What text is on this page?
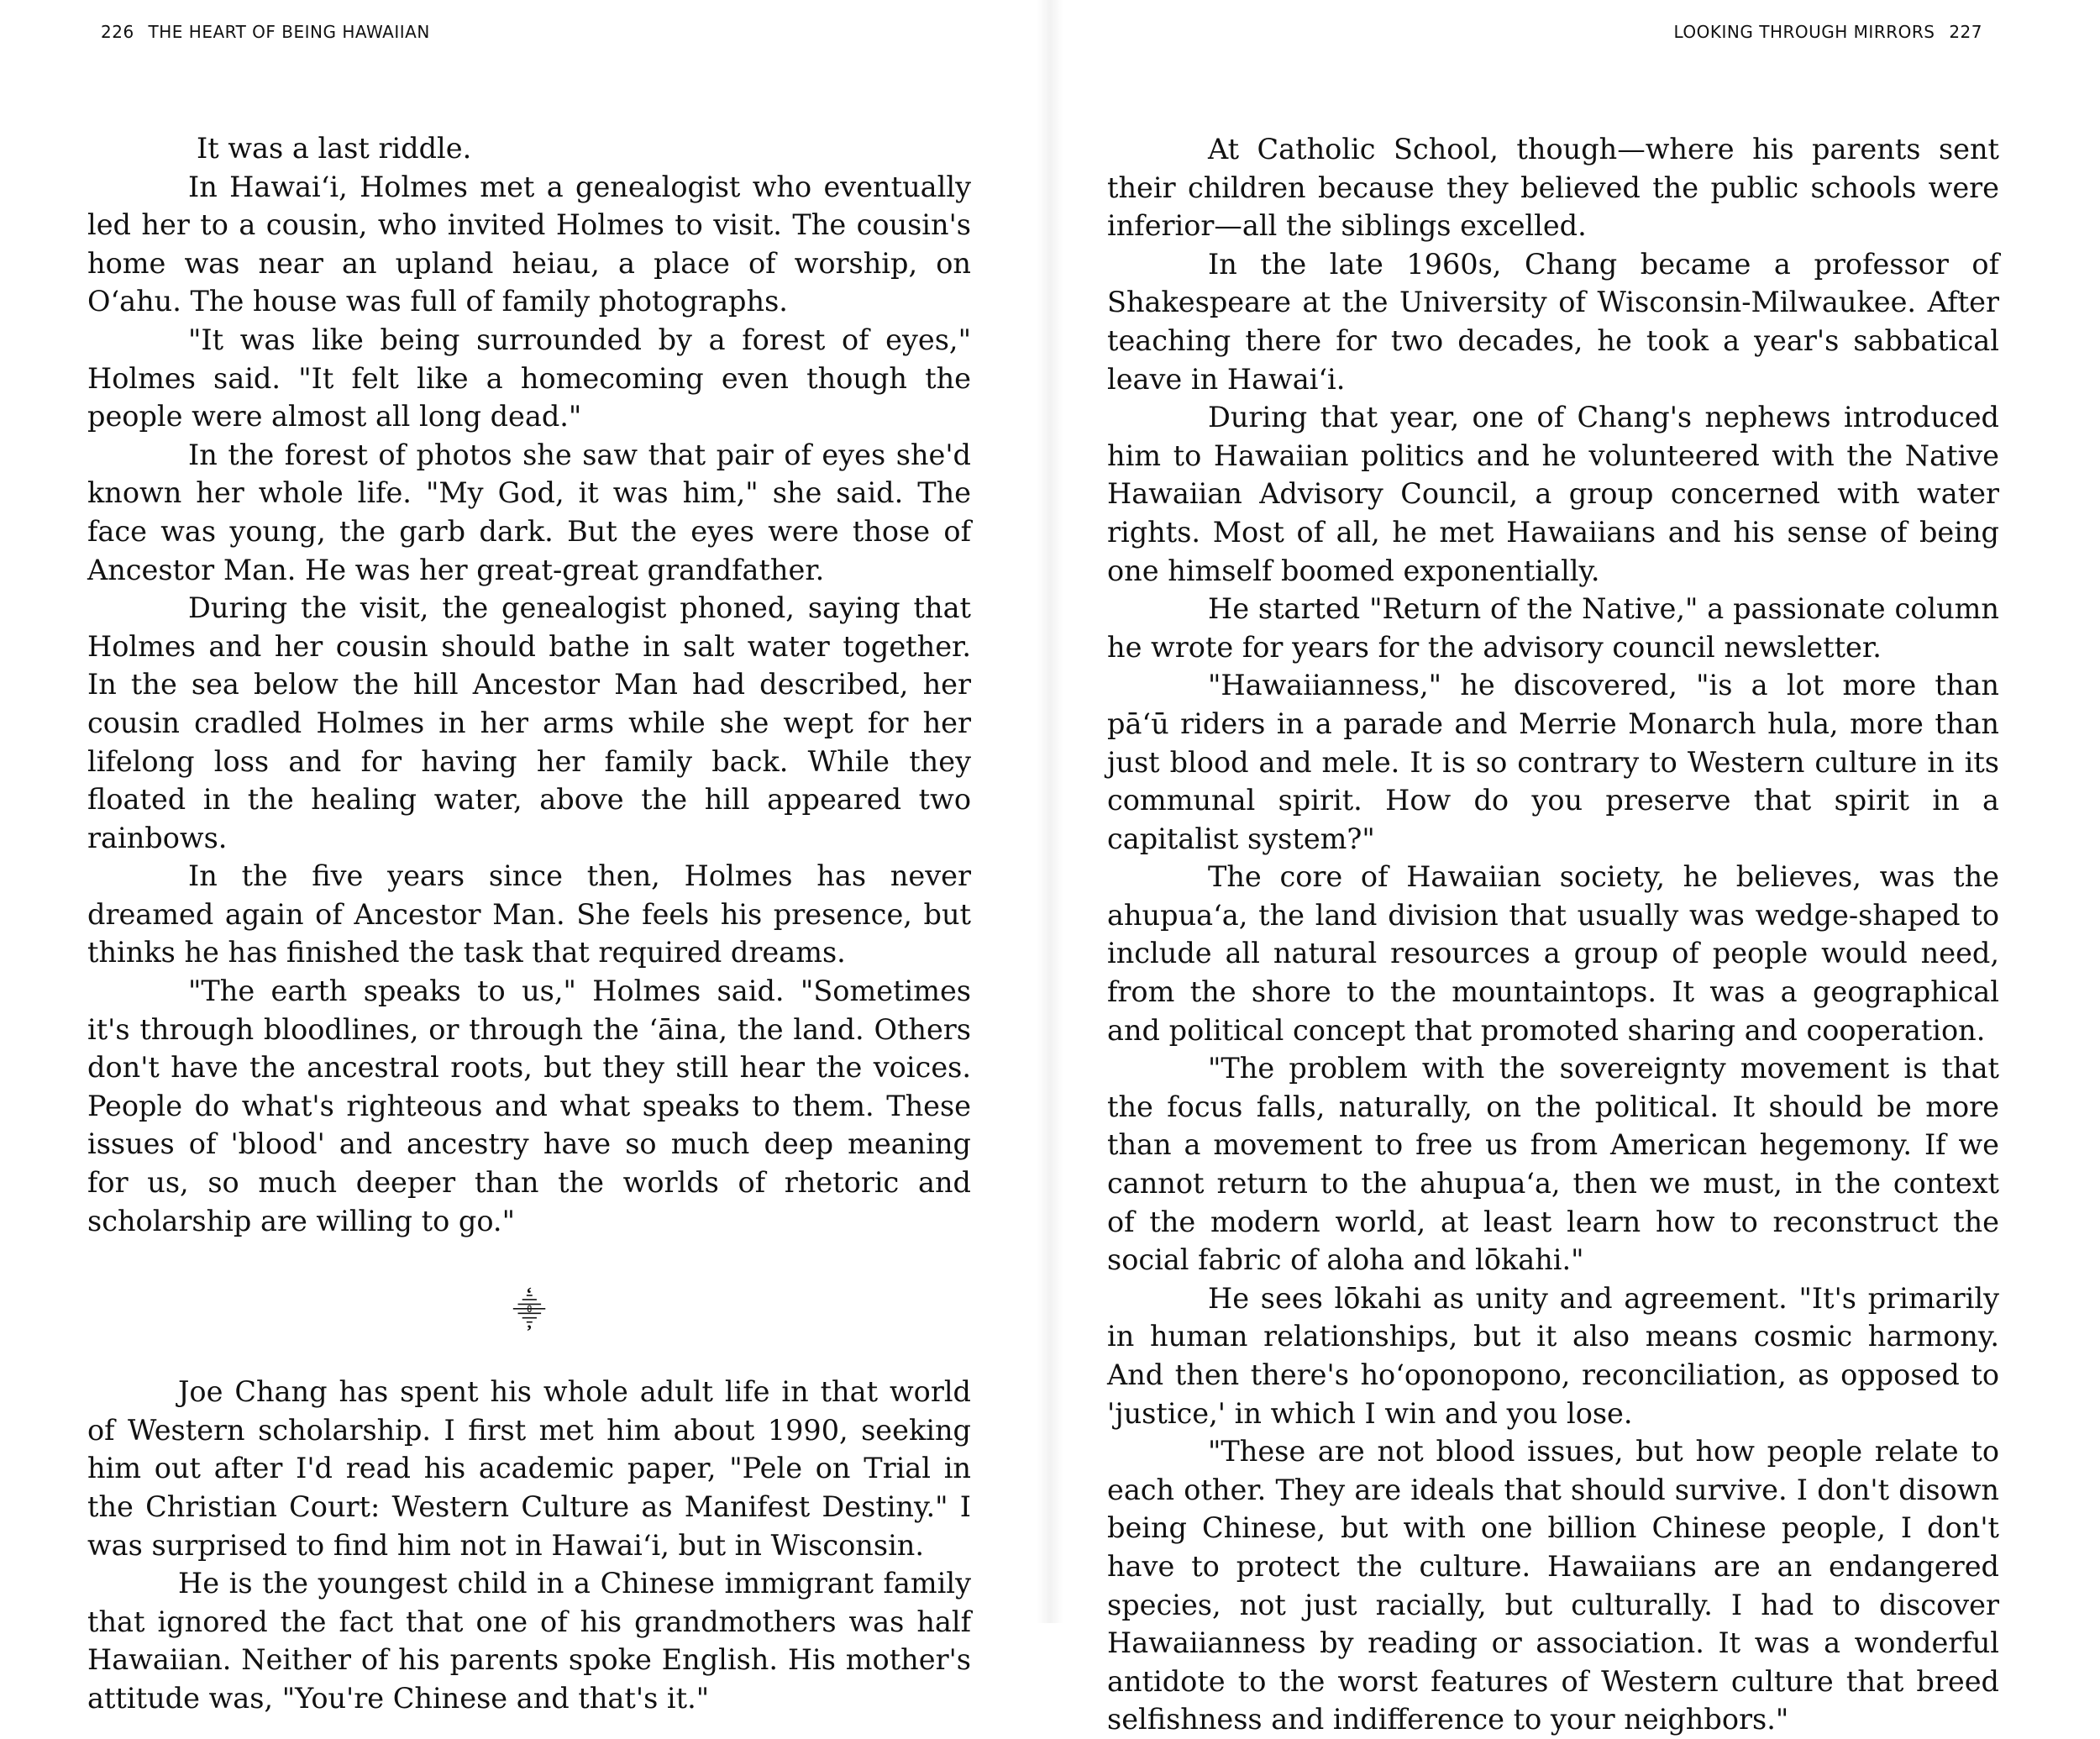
226 THE HEART OF BEING HAWAIIAN

It was a last riddle.

In Hawaiʻi, Holmes met a genealogist who eventually led her to a cousin, who invited Holmes to visit. The cousin's home was near an upland heiau, a place of worship, on Oʻahu. The house was full of family photographs.

"It was like being surrounded by a forest of eyes," Holmes said. "It felt like a homecoming even though the people were almost all long dead."

In the forest of photos she saw that pair of eyes she'd known her whole life. "My God, it was him," she said. The face was young, the garb dark. But the eyes were those of Ancestor Man. He was her great-great grandfather.

During the visit, the genealogist phoned, saying that Holmes and her cousin should bathe in salt water together. In the sea below the hill Ancestor Man had described, her cousin cradled Holmes in her arms while she wept for her lifelong loss and for having her family back. While they floated in the healing water, above the hill appeared two rainbows.

In the five years since then, Holmes has never dreamed again of Ancestor Man. She feels his presence, but thinks he has finished the task that required dreams.

"The earth speaks to us," Holmes said. "Sometimes it's through bloodlines, or through the ʻāina, the land. Others don't have the ancestral roots, but they still hear the voices. People do what's righteous and what speaks to them. These issues of 'blood' and ancestry have so much deep meaning for us, so much deeper than the worlds of rhetoric and scholarship are willing to go."

⸎

Joe Chang has spent his whole adult life in that world of Western scholarship. I first met him about 1990, seeking him out after I'd read his academic paper, "Pele on Trial in the Christian Court: Western Culture as Manifest Destiny." I was surprised to find him not in Hawaiʻi, but in Wisconsin.

He is the youngest child in a Chinese immigrant family that ignored the fact that one of his grandmothers was half Hawaiian. Neither of his parents spoke English. His mother's attitude was, "You're Chinese and that's it."

LOOKING THROUGH MIRRORS 227

At Catholic School, though—where his parents sent their children because they believed the public schools were inferior—all the siblings excelled.

In the late 1960s, Chang became a professor of Shakespeare at the University of Wisconsin-Milwaukee. After teaching there for two decades, he took a year's sabbatical leave in Hawaiʻi.

During that year, one of Chang's nephews introduced him to Hawaiian politics and he volunteered with the Native Hawaiian Advisory Council, a group concerned with water rights. Most of all, he met Hawaiians and his sense of being one himself boomed exponentially.

He started "Return of the Native," a passionate column he wrote for years for the advisory council newsletter.

"Hawaiianness," he discovered, "is a lot more than pāʻū riders in a parade and Merrie Monarch hula, more than just blood and mele. It is so contrary to Western culture in its communal spirit. How do you preserve that spirit in a capitalist system?"

The core of Hawaiian society, he believes, was the ahupuaʻa, the land division that usually was wedge-shaped to include all natural resources a group of people would need, from the shore to the mountaintops. It was a geographical and political concept that promoted sharing and cooperation.

"The problem with the sovereignty movement is that the focus falls, naturally, on the political. It should be more than a movement to free us from American hegemony. If we cannot return to the ahupuaʻa, then we must, in the context of the modern world, at least learn how to reconstruct the social fabric of aloha and lōkahi."

He sees lōkahi as unity and agreement. "It's primarily in human relationships, but it also means cosmic harmony. And then there's hoʻoponopono, reconciliation, as opposed to 'justice,' in which I win and you lose.

"These are not blood issues, but how people relate to each other. They are ideals that should survive. I don't disown being Chinese, but with one billion Chinese people, I don't have to protect the culture. Hawaiians are an endangered species, not just racially, but culturally. I had to discover Hawaiianness by reading or association. It was a wonderful antidote to the worst features of Western culture that breed selfishness and indifference to your neighbors."
